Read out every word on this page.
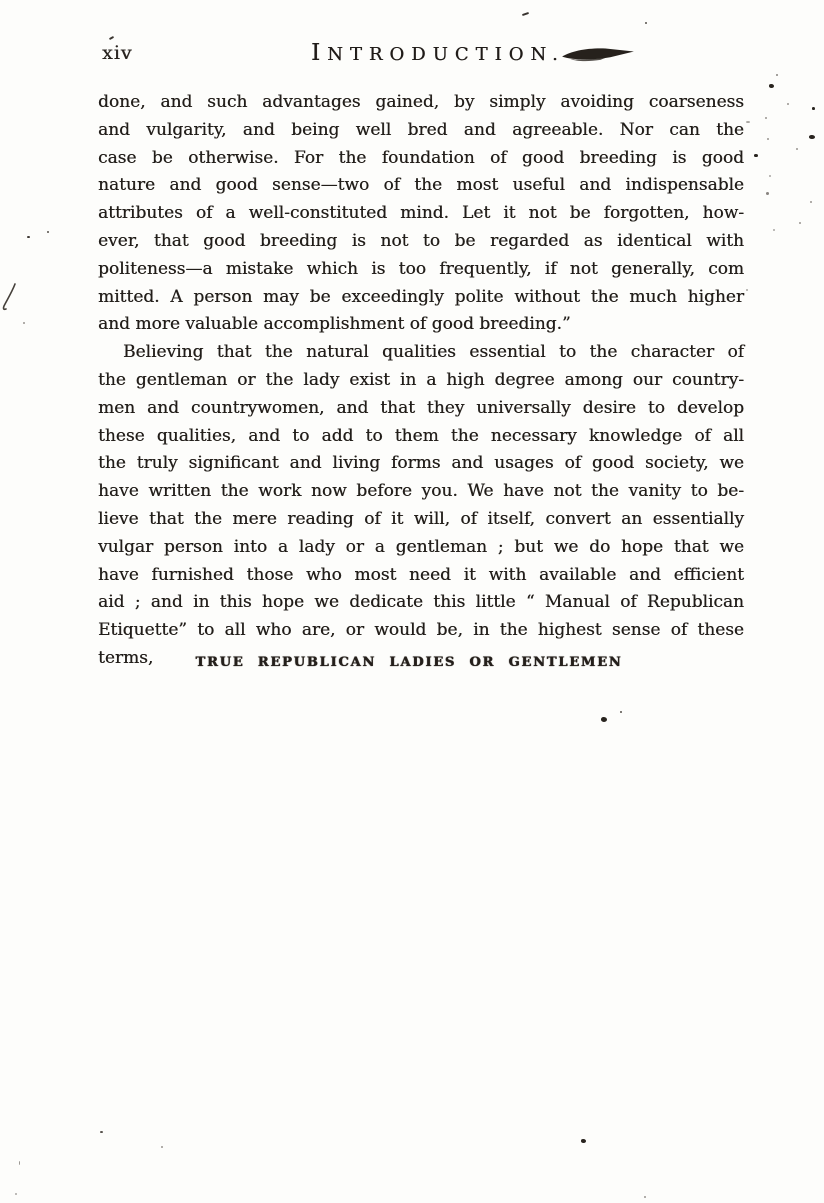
xiv	INTRODUCTION.
done, and such advantages gained, by simply avoiding coarseness
and vulgarity, and being well bred and agreeable. Nor can the
case be otherwise. For the foundation of good breeding is good
nature and good sense—two of the most useful and indispensable
attributes of a well-constituted mind. Let it not be forgotten, how-
ever, that good breeding is not to be regarded as identical with
politeness—a mistake which is too frequently, if not generally, com
mitted. A person may be exceedingly polite without the much higher
and more valuable accomplishment of good breeding.”
Believing that the natural qualities essential to the character of
the gentleman or the lady exist in a high degree among our country-
men and countrywomen, and that they universally desire to develop
these qualities, and to add to them the necessary knowledge of all
the truly significant and living forms and usages of good society, we
have written the work now before you. We have not the vanity to be-
lieve that the mere reading of it will, of itself, convert an essentially
vulgar person into a lady or a gentleman ; but we do hope that we
have furnished those who most need it with available and efficient
aid ; and in this hope we dedicate this little “ Manual of Republican
Etiquette” to all who are, or would be, in the highest sense of these
terms,	TRUE REPUBLICAN LADIES OR GENTLEMEN
